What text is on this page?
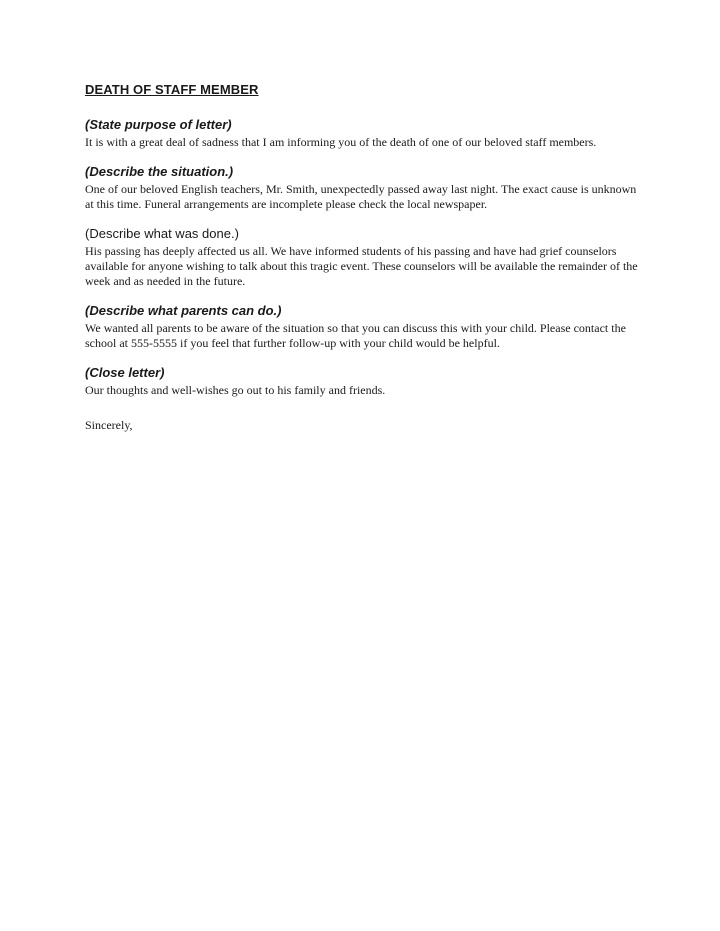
DEATH OF STAFF MEMBER
(State purpose of letter)

It is with a great deal of sadness that I am informing you of the death of one of our beloved staff members.

(Describe the situation.)

One of our beloved English teachers, Mr. Smith, unexpectedly passed away last night. The exact cause is unknown at this time. Funeral arrangements are incomplete please check the local newspaper.

(Describe what was done.)

His passing has deeply affected us all. We have informed students of his passing and have had grief counselors available for anyone wishing to talk about this tragic event. These counselors will be available the remainder of the week and as needed in the future.

(Describe what parents can do.)

We wanted all parents to be aware of the situation so that you can discuss this with your child. Please contact the school at 555-5555 if you feel that further follow-up with your child would be helpful.

(Close letter)

Our thoughts and well-wishes go out to his family and friends.

Sincerely,
